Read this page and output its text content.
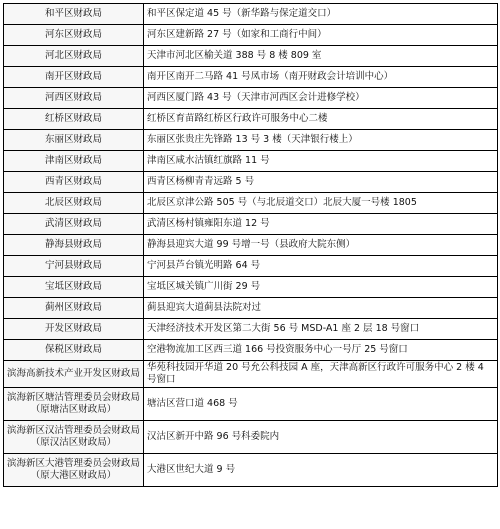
和平区财政局	和平区保定道 45 号（新华路与保定道交口）
河东区财政局	河东区建新路 27 号（如家和工商行中间）
河北区财政局	天津市河北区榆关道 388 号 8 楼 809 室
南开区财政局	南开区南开二马路 41 号凤市场（南开财政会计培训中心）
河西区财政局	河西区厦门路 43 号（天津市河西区会计进修学校）
红桥区财政局	红桥区育苗路红桥区行政许可服务中心二楼
东丽区财政局	东丽区张贵庄先锋路 13 号 3 楼（天津银行楼上）
津南区财政局	津南区咸水沽镇红旗路 11 号
西青区财政局	西青区杨柳青青远路 5 号
北辰区财政局	北辰区京津公路 505 号（与北辰道交口）北辰大厦一号楼 1805
武清区财政局	武清区杨村镇雍阳东道 12 号
静海县财政局	静海县迎宾大道 99 号增一号（县政府大院东侧）
宁河县财政局	宁河县芦台镇光明路 64 号
宝坻区财政局	宝坻区城关镇广川街 29 号
蓟州区财政局	蓟县迎宾大道蓟县法院对过
开发区财政局	天津经济技术开发区第二大街 56 号 MSD-A1 座 2 层 18 号窗口
保税区财政局	空港物流加工区西三道 166 号投资服务中心一号厅 25 号窗口
滨海高新技术产业开发区财政局	华苑科技园开华道 20 号允公科技园 A 座，天津高新区行政许可服务中心 2 楼 4 号窗口
滨海新区塘沽管理委员会财政局（原塘沽区财政局）	塘沽区营口道 468 号
滨海新区汉沽管理委员会财政局（原汉沽区财政局）	汉沽区新开中路 96 号科委院内
滨海新区大港管理委员会财政局（原大港区财政局）	大港区世纪大道 9 号
